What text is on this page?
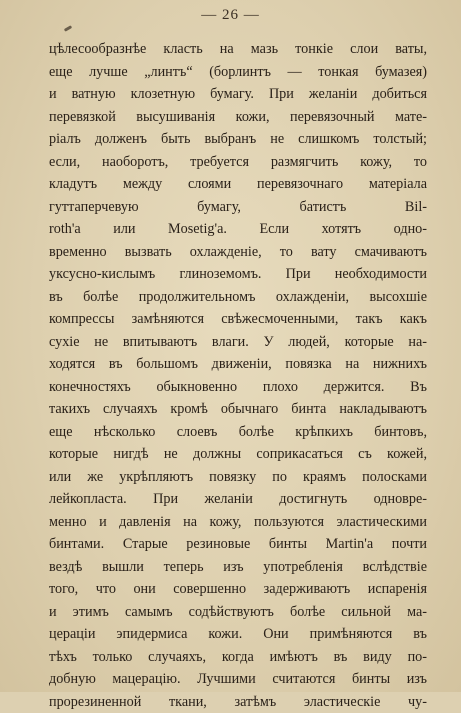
— 26 —
цѣлесообразнѣе класть на мазь тонкіе слои ваты,
еще лучше „линтъ“ (борлинтъ — тонкая бумазея)
и ватную клозетную бумагу. При желаніи добиться
перевязкой высушиванія кожи, перевязочный мате-
ріалъ долженъ быть выбранъ не слишкомъ толстый;
если, наоборотъ, требуется размягчить кожу, то
кладутъ между слоями перевязочнаго матеріала
гуттаперчевую бумагу, батистъ Bil-
roth'а или Mosetig'а. Если хотятъ одно-
временно вызвать охлажденіе, то вату смачиваютъ
уксусно-кислымъ глиноземомъ. При необходимости
въ болѣе продолжительномъ охлажденіи, высохшіе
компрессы замѣняются свѣжесмоченными, такъ какъ
сухіе не впитываютъ влаги. У людей, которые на-
ходятся въ большомъ движеніи, повязка на нижнихъ
конечностяхъ обыкновенно плохо держится. Въ
такихъ случаяхъ кромѣ обычнаго бинта накладываютъ
еще нѣсколько слоевъ болѣе крѣпкихъ бинтовъ,
которые нигдѣ не должны соприкасаться съ кожей,
или же укрѣпляютъ повязку по краямъ полосками
лейкопласта. При желаніи достигнуть одновре-
менно и давленія на кожу, пользуются эластическими
бинтами. Старые резиновые бинты Martin'а почти
вездѣ вышли теперь изъ употребленія вслѣдствіе
того, что они совершенно задерживаютъ испаренія
и этимъ самымъ содѣйствуютъ болѣе сильной ма-
цераціи эпидермиса кожи. Они примѣняются въ
тѣхъ только случаяхъ, когда имѣютъ въ виду по-
добную мацерацію. Лучшими считаются бинты изъ
прорезиненной ткани, затѣмъ эластическіе чу-
